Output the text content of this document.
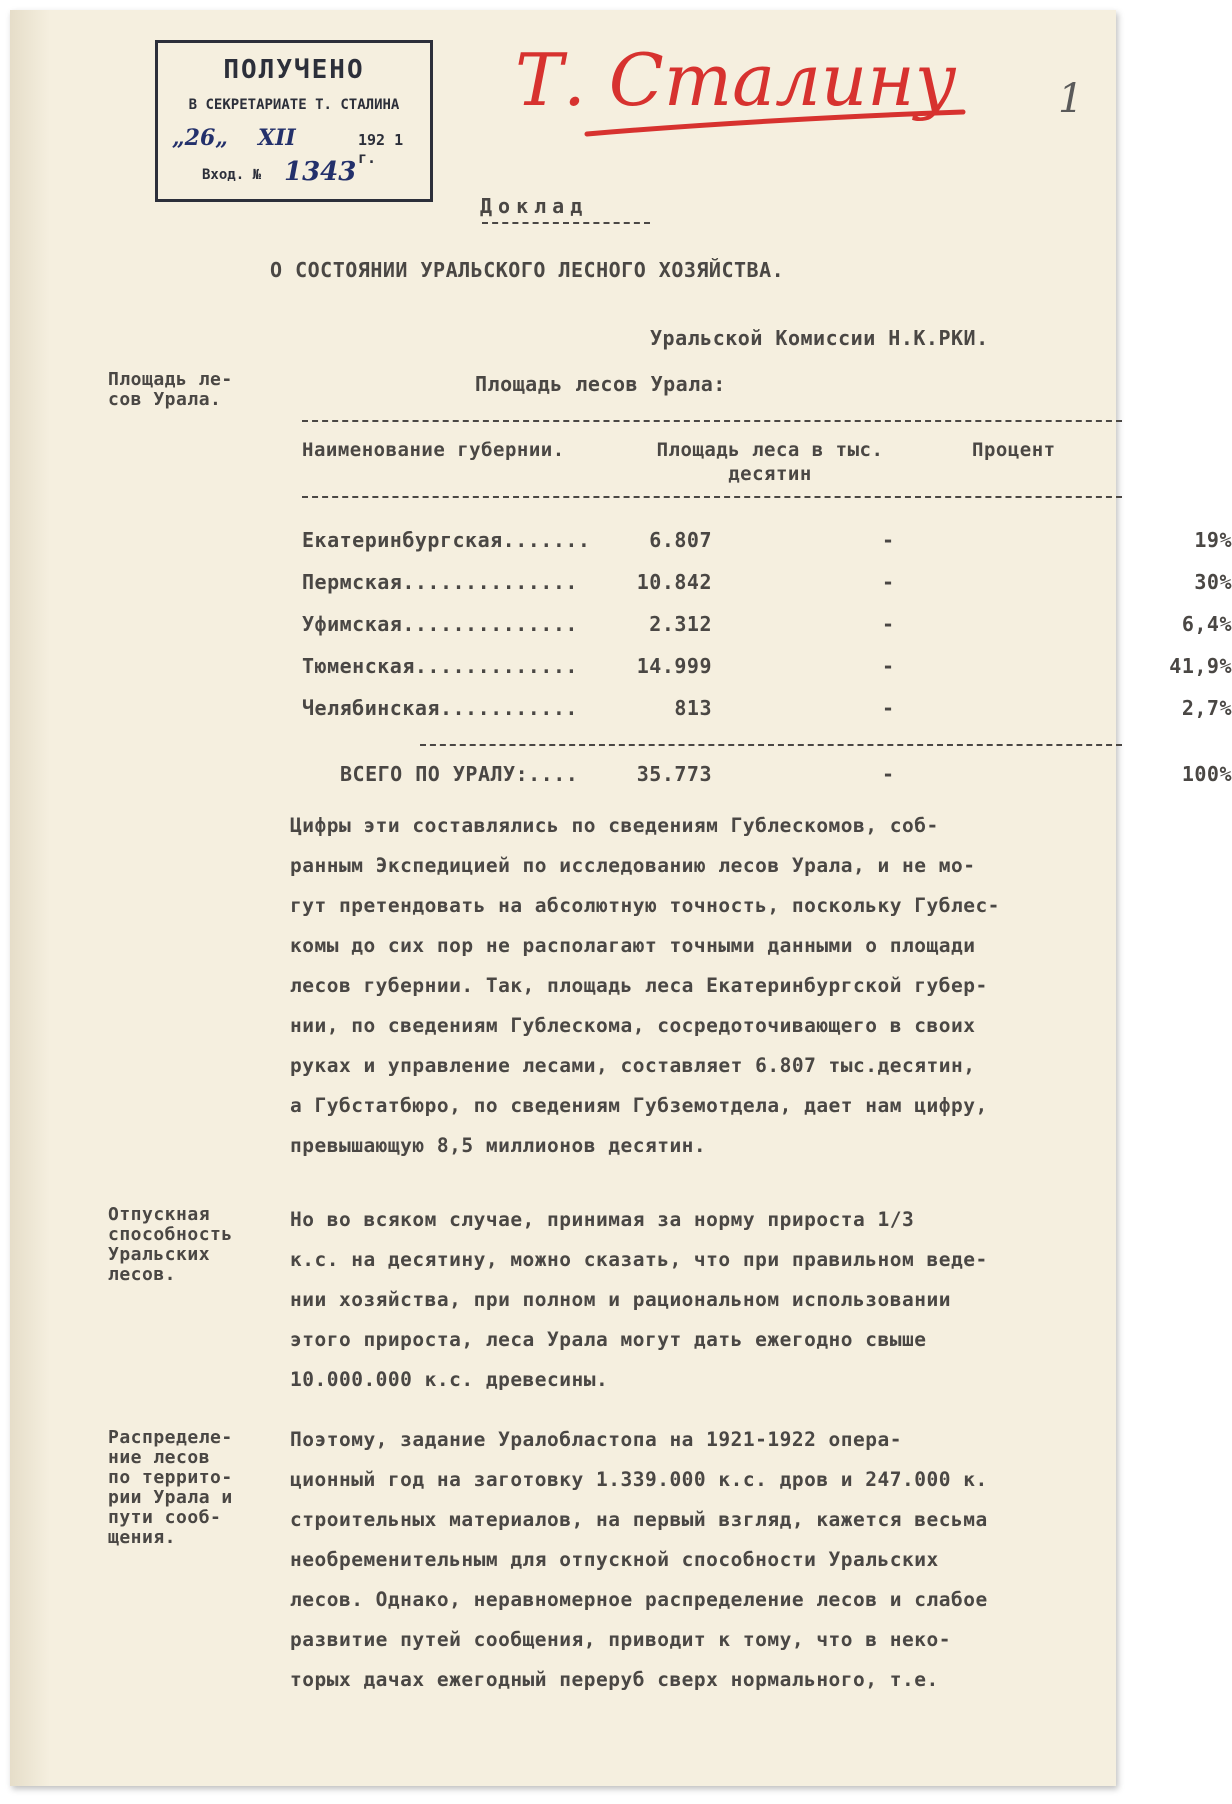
ПОЛУЧЕНО
В СЕКРЕТАРИАТЕ Т. СТАЛИНА
„26„ XII	192 1 г.
Вход. № 1343
Т. Сталину	1
Доклад
О СОСТОЯНИИ УРАЛЬСКОГО ЛЕСНОГО ХОЗЯЙСТВА.
Уральской Комиссии Н.К.РКИ.
Площадь ле-
сов Урала.
Площадь лесов Урала:
Наименование губернии.	Площадь леса в тыс.
десятин
Процент
Екатеринбургская.......	6.807	-	19%
Пермская..............	10.842	-	30%
Уфимская..............	2.312	-	6,4%
Тюменская.............	14.999	-	41,9%
Челябинская...........	813	-	2,7%
ВСЕГО ПО УРАЛУ:....	35.773	-	100%
Цифры эти составлялись по сведениям Гублескомов, соб-
ранным Экспедицией по исследованию лесов Урала, и не мо-
гут претендовать на абсолютную точность, поскольку Гублес-
комы до сих пор не располагают точными данными о площади
лесов губернии. Так, площадь леса Екатеринбургской губер-
нии, по сведениям Гублескома, сосредоточивающего в своих
руках и управление лесами, составляет 6.807 тыс.десятин,
а Губстатбюро, по сведениям Губземотдела, дает нам цифру,
превышающую 8,5 миллионов десятин.
Отпускная
способность
Уральских
лесов.
Но во всяком случае, принимая за норму прироста 1/3
к.с. на десятину, можно сказать, что при правильном веде-
нии хозяйства, при полном и рациональном использовании
этого прироста, леса Урала могут дать ежегодно свыше
10.000.000 к.с. древесины.
Распределе-
ние лесов
по террито-
рии Урала и
пути сооб-
щения.
Поэтому, задание Уралобластопа на 1921-1922 опера-
ционный год на заготовку 1.339.000 к.с. дров и 247.000 к.
строительных материалов, на первый взгляд, кажется весьма
необременительным для отпускной способности Уральских
лесов. Однако, неравномерное распределение лесов и слабое
развитие путей сообщения, приводит к тому, что в неко-
торых дачах ежегодный переруб сверх нормального, т.е.
